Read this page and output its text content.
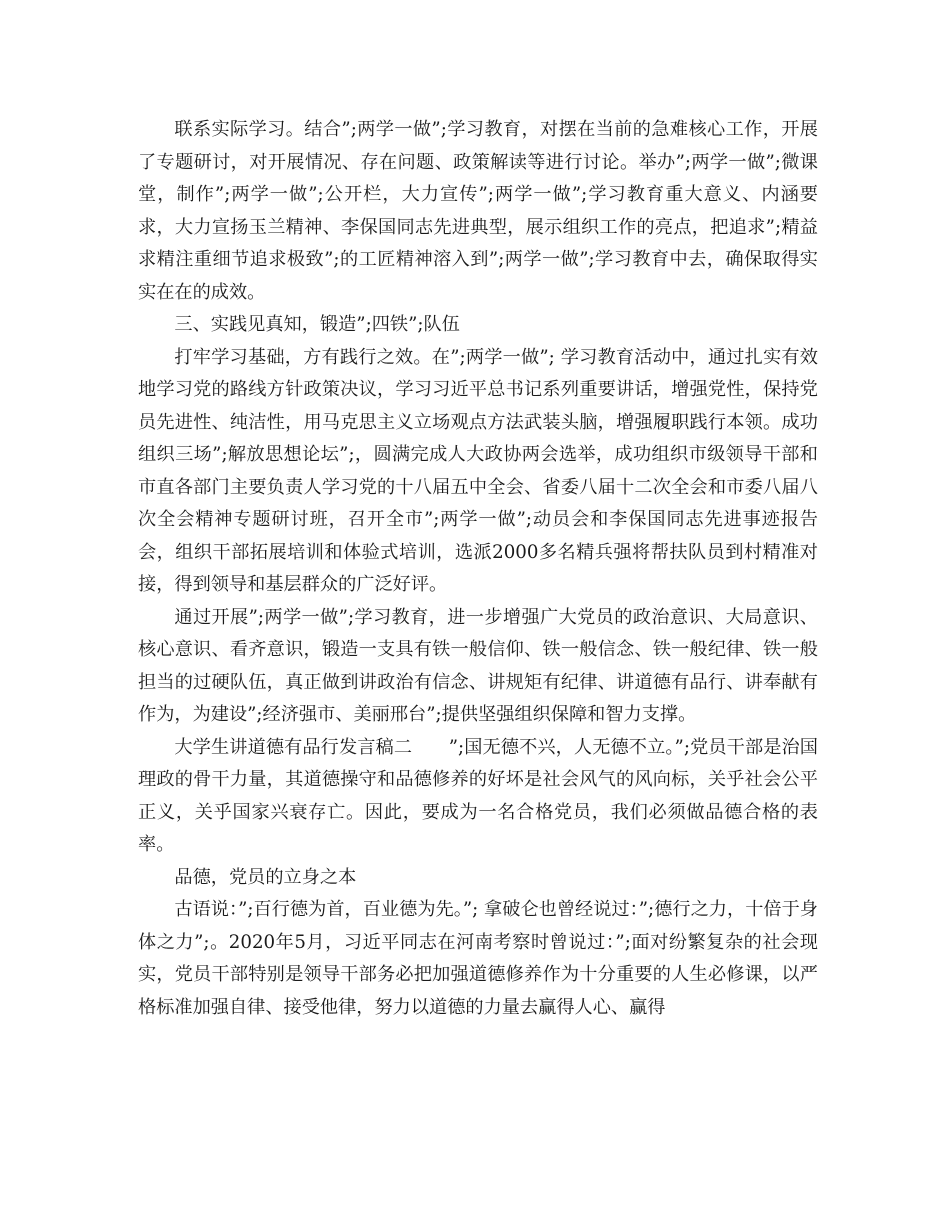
联系实际学习。结合”;两学一做”;学习教育，对摆在当前的急难核心工作，开展了专题研讨，对开展情况、存在问题、政策解读等进行讨论。举办”;两学一做”;微课堂，制作”;两学一做”;公开栏，大力宣传”;两学一做”;学习教育重大意义、内涵要求，大力宣扬玉兰精神、李保国同志先进典型，展示组织工作的亮点，把追求”;精益求精注重细节追求极致”;的工匠精神溶入到”;两学一做”;学习教育中去，确保取得实实在在的成效。

三、实践见真知，锻造”;四铁”;队伍

打牢学习基础，方有践行之效。在”;两学一做”; 学习教育活动中，通过扎实有效地学习党的路线方针政策决议，学习习近平总书记系列重要讲话，增强党性，保持党员先进性、纯洁性，用马克思主义立场观点方法武装头脑，增强履职践行本领。成功组织三场”;解放思想论坛”;，圆满完成人大政协两会选举，成功组织市级领导干部和市直各部门主要负责人学习党的十八届五中全会、省委八届十二次全会和市委八届八次全会精神专题研讨班，召开全市”;两学一做”;动员会和李保国同志先进事迹报告会，组织干部拓展培训和体验式培训，选派2000多名精兵强将帮扶队员到村精准对接，得到领导和基层群众的广泛好评。

通过开展”;两学一做”;学习教育，进一步增强广大党员的政治意识、大局意识、核心意识、看齐意识，锻造一支具有铁一般信仰、铁一般信念、铁一般纪律、铁一般担当的过硬队伍，真正做到讲政治有信念、讲规矩有纪律、讲道德有品行、讲奉献有作为，为建设”;经济强市、美丽邢台”;提供坚强组织保障和智力支撑。

大学生讲道德有品行发言稿二　　”;国无德不兴，人无德不立。”;党员干部是治国理政的骨干力量，其道德操守和品德修养的好坏是社会风气的风向标，关乎社会公平正义，关乎国家兴衰存亡。因此，要成为一名合格党员，我们必须做品德合格的表率。

品德，党员的立身之本

古语说：”;百行德为首，百业德为先。”; 拿破仑也曾经说过：”;德行之力，十倍于身体之力”;。2020年5月，习近平同志在河南考察时曾说过：”;面对纷繁复杂的社会现实，党员干部特别是领导干部务必把加强道德修养作为十分重要的人生必修课，以严格标准加强自律、接受他律，努力以道德的力量去赢得人心、赢得
